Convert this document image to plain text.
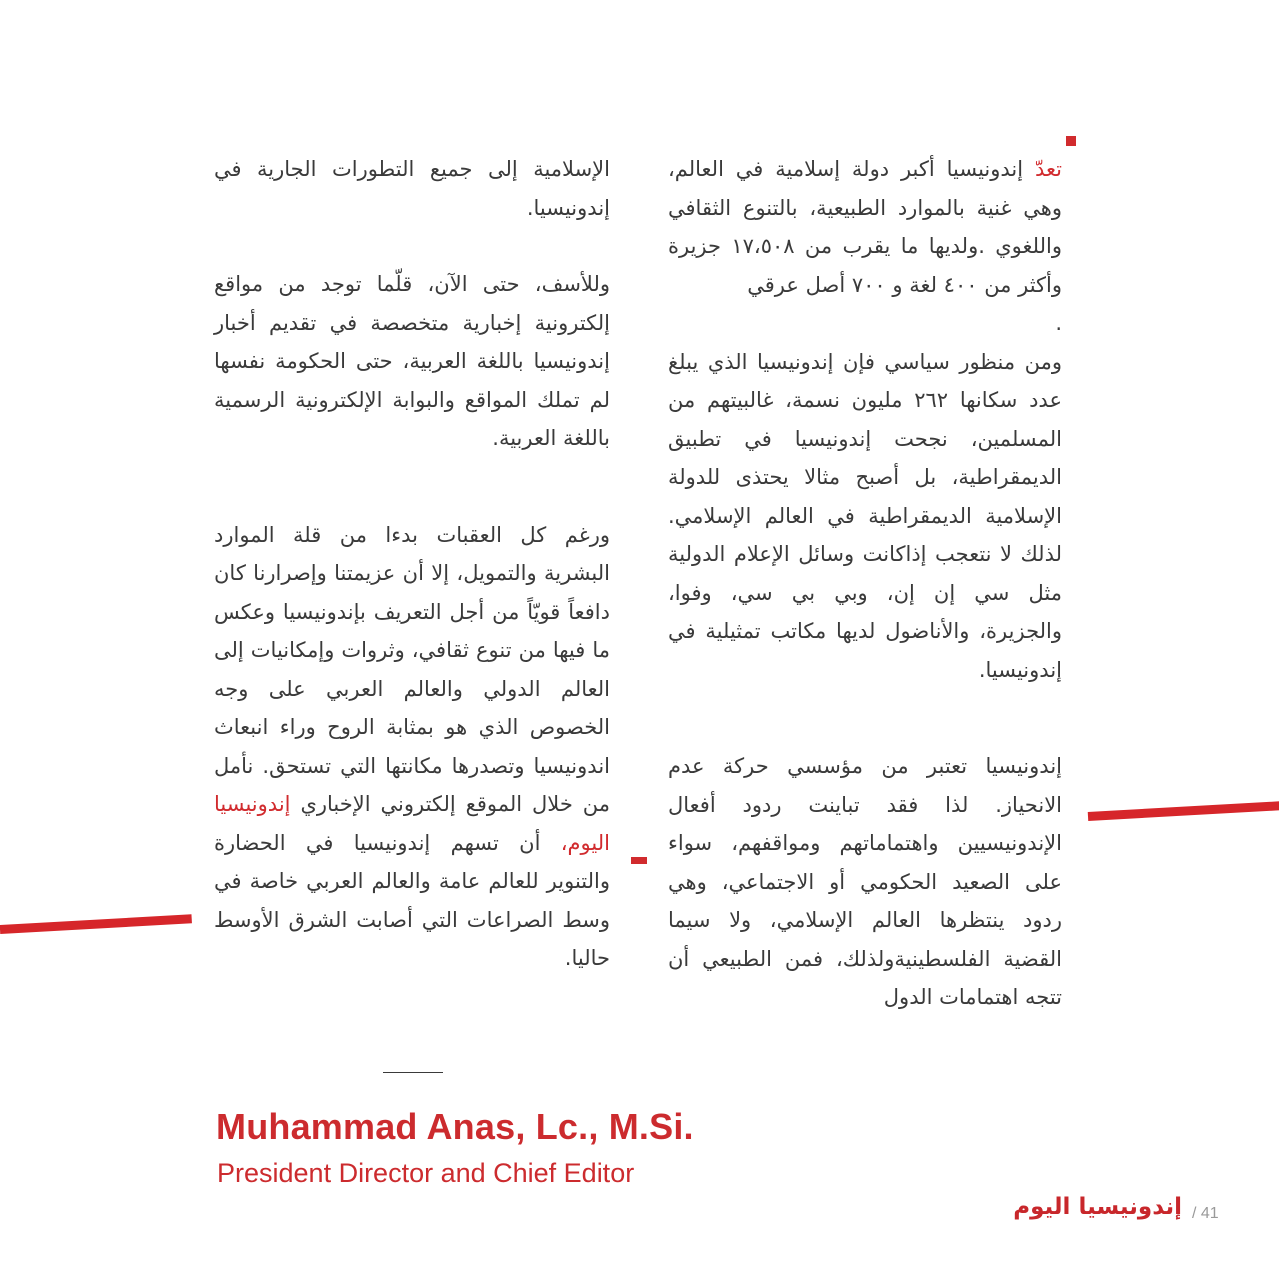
تعدّ إندونيسيا أكبر دولة إسلامية في العالم، وهي غنية بالموارد الطبيعية، بالتنوع الثقافي واللغوي .ولديها ما يقرب من ١٧،٥٠٨ جزيرة وأكثر من ٤٠٠ لغة و ٧٠٠ أصل عرقي

.

ومن منظور سياسي فإن إندونيسيا الذي يبلغ عدد سكانها ٢٦٢ مليون نسمة، غالبيتهم من المسلمين، نجحت إندونيسيا في تطبيق الديمقراطية، بل أصبح مثالا يحتذى للدولة الإسلامية الديمقراطية في العالم الإسلامي. لذلك لا نتعجب إذاكانت وسائل الإعلام الدولية مثل سي إن إن، وبي بي سي، وفوا، والجزيرة، والأناضول لديها مكاتب تمثيلية في إندونيسيا.

إندونيسيا تعتبر من مؤسسي حركة عدم الانحياز. لذا فقد تباينت ردود أفعال الإندونيسيين واهتماماتهم ومواقفهم، سواء على الصعيد الحكومي أو الاجتماعي، وهي ردود ينتظرها العالم الإسلامي، ولا سيما القضية الفلسطينيةولذلك، فمن الطبيعي أن تتجه اهتمامات الدول

الإسلامية إلى جميع التطورات الجارية في إندونيسيا.

وللأسف، حتى الآن، قلّما توجد من مواقع إلكترونية إخبارية متخصصة في تقديم أخبار إندونيسيا باللغة العربية، حتى الحكومة نفسها لم تملك المواقع والبوابة الإلكترونية الرسمية باللغة العربية.

ورغم كل العقبات بدءا من قلة الموارد البشرية والتمويل، إلا أن عزيمتنا وإصرارنا كان دافعاً قويّاً من أجل التعريف بإندونيسيا وعكس ما فيها من تنوع ثقافي، وثروات وإمكانيات إلى العالم الدولي والعالم العربي على وجه الخصوص الذي هو بمثابة الروح وراء انبعاث اندونيسيا وتصدرها مكانتها التي تستحق. نأمل من خلال الموقع إلكتروني الإخباري إندونيسيا اليوم، أن تسهم إندونيسيا في الحضارة والتنوير للعالم عامة والعالم العربي خاصة في وسط الصراعات التي أصابت الشرق الأوسط حاليا.

Muhammad Anas, Lc., M.Si.
President Director and Chief Editor
إندونيسيا اليوم / 41
